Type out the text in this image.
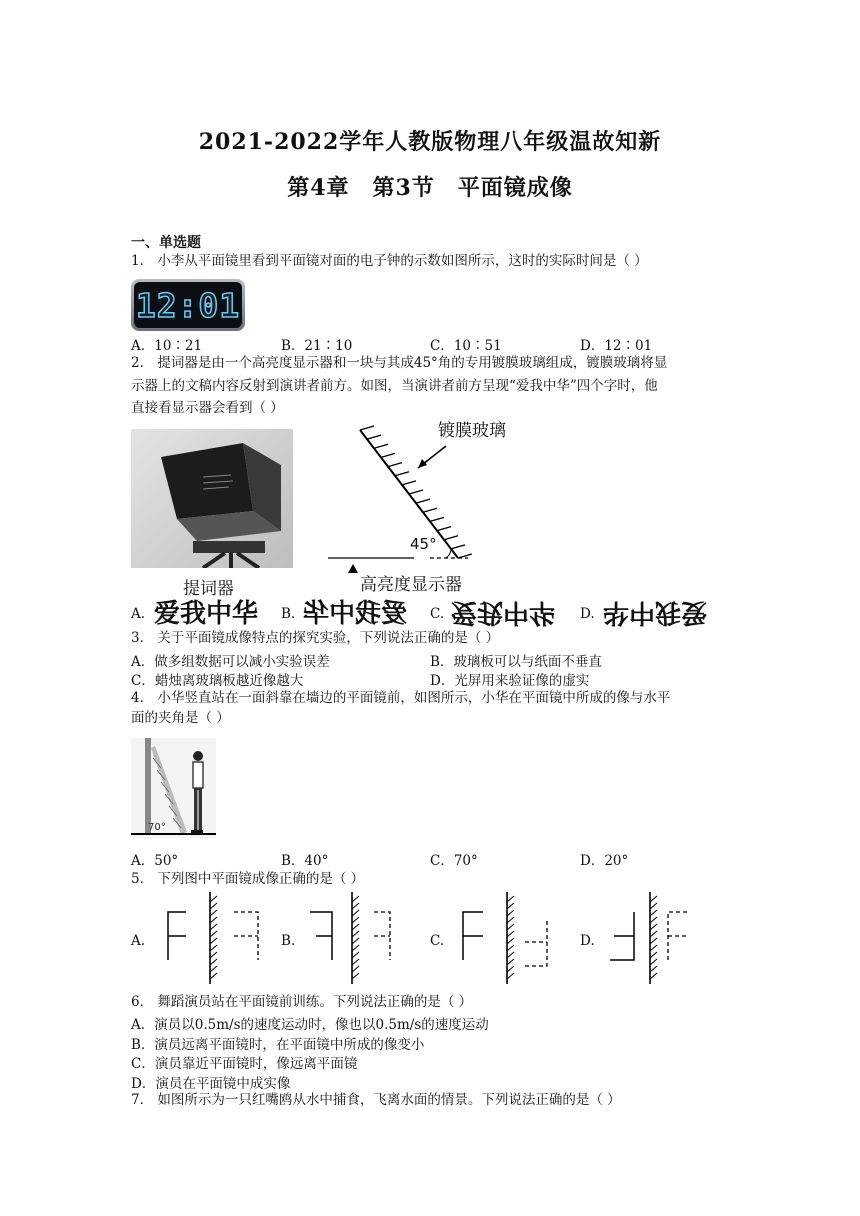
2021-2022学年人教版物理八年级温故知新
第4章　第3节　平面镜成像
一、单选题
1． 小李从平面镜里看到平面镜对面的电子钟的示数如图所示，这时的实际时间是（ ）
12:01
A．10∶21	B．21∶10	C．10∶51	D．12∶01
2． 提词器是由一个高亮度显示器和一块与其成45°角的专用镀膜玻璃组成，镀膜玻璃将显
示器上的文稿内容反射到演讲者前方。如图，当演讲者前方呈现“爱我中华”四个字时，他
直接看显示器会看到（ ）
提词器
镀膜玻璃
45°
高亮度显示器
A. 爱我中华 B. 爱我中华 C. 爱我中华 D. 爱我中华
3． 关于平面镜成像特点的探究实验，下列说法正确的是（ ）
A．做多组数据可以减小实验误差	B．玻璃板可以与纸面不垂直
C．蜡烛离玻璃板越近像越大	D．光屏用来验证像的虚实
4． 小华竖直站在一面斜靠在墙边的平面镜前，如图所示，小华在平面镜中所成的像与水平
面的夹角是（ ）
70°
A．50°	B．40°	C．70°	D．20°
5． 下列图中平面镜成像正确的是（ ）
A.	B.	C.	D.
6． 舞蹈演员站在平面镜前训练。下列说法正确的是（ ）
A．演员以0.5m/s的速度运动时，像也以0.5m/s的速度运动
B．演员远离平面镜时，在平面镜中所成的像变小
C．演员靠近平面镜时，像远离平面镜
D．演员在平面镜中成实像
7． 如图所示为一只红嘴鸥从水中捕食，飞离水面的情景。下列说法正确的是（ ）
